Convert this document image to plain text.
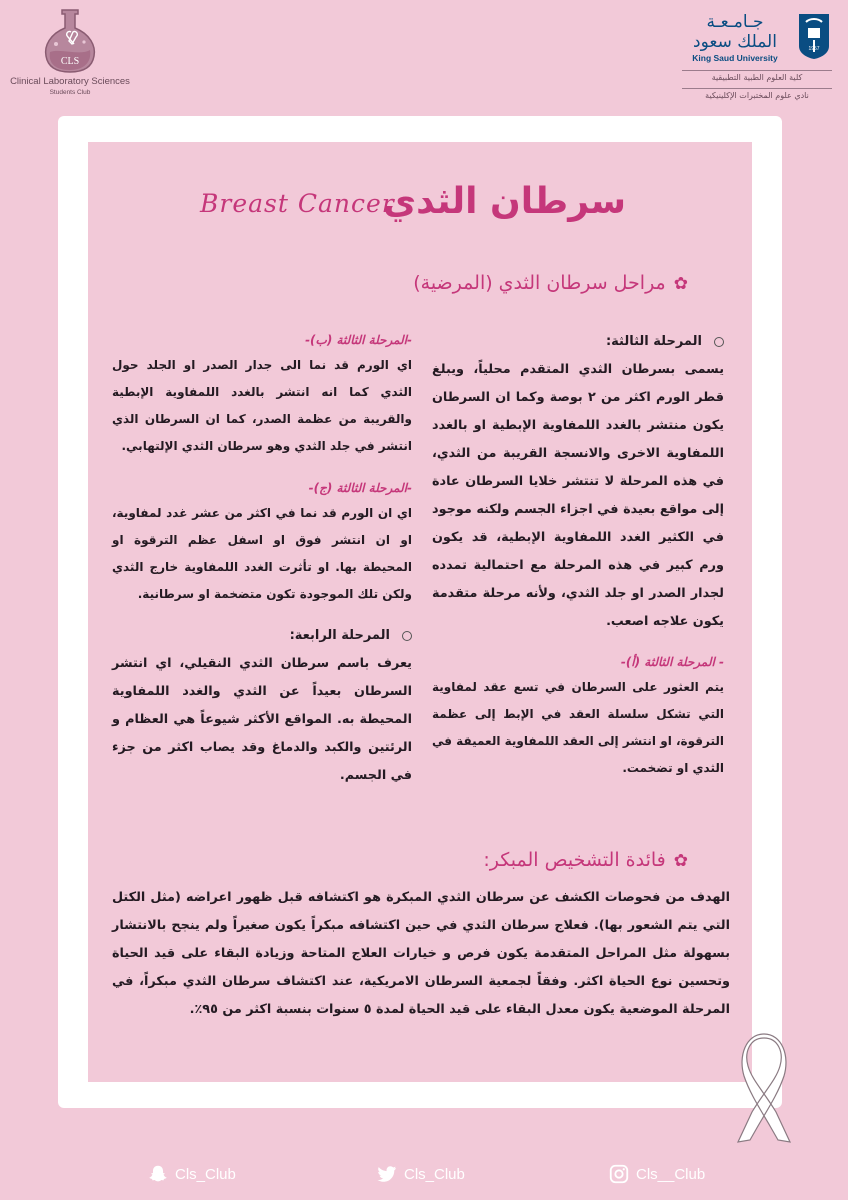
CLS
Clinical Laboratory Sciences
Students Club
1957
جـامـعـة
الملك سعود
King Saud University
كلية العلوم الطبية التطبيقية
نادي علوم المختبرات الإكلينيكية
سرطان الثدي
Breast Cancer
✿مراحل سرطان الثدي (المرضية)

المرحلة الثالثة:

يسمى بسرطان الثدي المتقدم محلياً، ويبلغ قطر الورم اكثر من ٢ بوصة وكما ان السرطان يكون منتشر بالغدد اللمفاوية الإبطية او بالغدد اللمفاوية الاخرى والانسجة القريبة من الثدي، في هذه المرحلة لا تنتشر خلايا السرطان عادة إلى مواقع بعيدة في اجزاء الجسم ولكنه موجود في الكثير الغدد اللمفاوية الإبطية، قد يكون ورم كبير في هذه المرحلة مع احتمالية تمدده لجدار الصدر او جلد الثدي، ولأنه مرحلة متقدمة يكون علاجه اصعب.

- المرحلة الثالثة (أ)-

يتم العثور على السرطان في تسع عقد لمفاوية التي تشكل سلسلة العقد في الإبط إلى عظمة الترقوة، او انتشر إلى العقد اللمفاوية العميقة في الثدي او تضخمت.

-المرحلة الثالثة (ب)-

اي الورم قد نما الى جدار الصدر او الجلد حول الثدي كما انه انتشر بالغدد اللمفاوية الإبطية والقريبة من عظمة الصدر، كما ان السرطان الذي انتشر في جلد الثدي وهو سرطان الثدي الإلتهابي.

-المرحلة الثالثة (ج)-

اي ان الورم قد نما في اكثر من عشر غدد لمفاوية، او ان انتشر فوق او اسفل عظم الترقوة او المحيطة بها. او تأثرت الغدد اللمفاوية خارج الثدي ولكن تلك الموجودة تكون متضخمة او سرطانية.

المرحلة الرابعة:

يعرف باسم سرطان الثدي النقيلي، اي انتشر السرطان بعيداً عن الثدي والغدد اللمفاوية المحيطة به. المواقع الأكثر شيوعاً هي العظام و الرئتين والكبد والدماغ وقد يصاب اكثر من جزء في الجسم.

✿فائدة التشخيص المبكر:

الهدف من فحوصات الكشف عن سرطان الثدي المبكرة هو اكتشافه قبل ظهور اعراضه (مثل الكتل التي يتم الشعور بها). فعلاج سرطان الثدي في حين اكتشافه مبكراً يكون صغيراً ولم ينجح بالانتشار بسهولة مثل المراحل المتقدمة يكون فرص و خيارات العلاج المتاحة وزيادة البقاء على قيد الحياة وتحسين نوع الحياة اكثر. وفقاً لجمعية السرطان الامريكية، عند اكتشاف سرطان الثدي مبكراً، في المرحلة الموضعية يكون معدل البقاء على قيد الحياة لمدة ٥ سنوات بنسبة اكثر من ٩٥٪.

Cls_Club	Cls_Club	Cls__Club
